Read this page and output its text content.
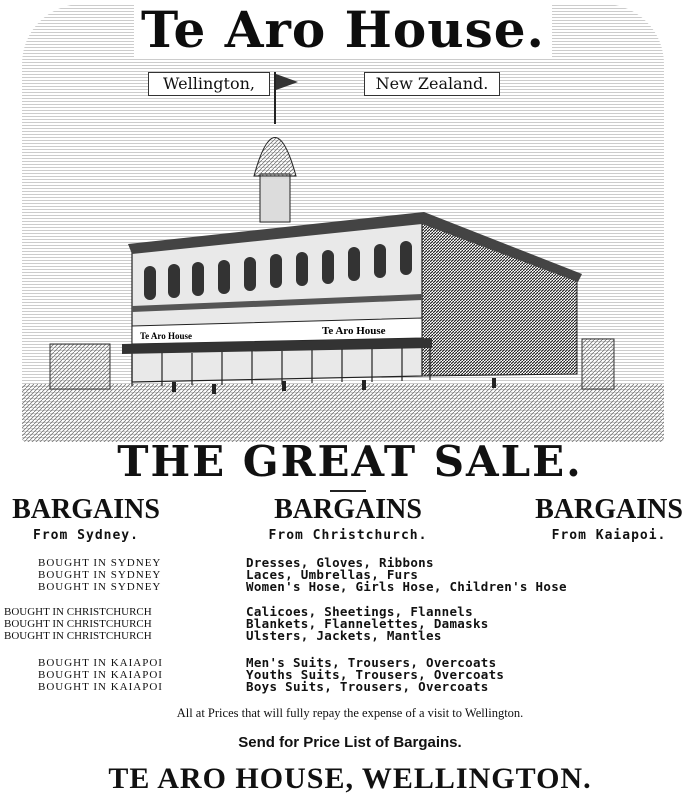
Te Aro House	Te Aro House
Te Aro House.
Wellington,	New Zealand.
THE GREAT SALE.
BARGAINS
From Sydney.
BARGAINS
From Christchurch.
BARGAINS
From Kaiapoi.
BOUGHT IN SYDNEY	Dresses, Gloves, Ribbons
BOUGHT IN SYDNEY	Laces, Umbrellas, Furs
BOUGHT IN SYDNEY	Women's Hose, Girls Hose, Children's Hose
BOUGHT IN CHRISTCHURCH	Calicoes, Sheetings, Flannels
BOUGHT IN CHRISTCHURCH	Blankets, Flannelettes, Damasks
BOUGHT IN CHRISTCHURCH	Ulsters, Jackets, Mantles
BOUGHT IN KAIAPOI	Men's Suits, Trousers, Overcoats
BOUGHT IN KAIAPOI	Youths Suits, Trousers, Overcoats
BOUGHT IN KAIAPOI	Boys Suits, Trousers, Overcoats
All at Prices that will fully repay the expense of a visit to Wellington.
Send for Price List of Bargains.
TE ARO HOUSE, WELLINGTON.
